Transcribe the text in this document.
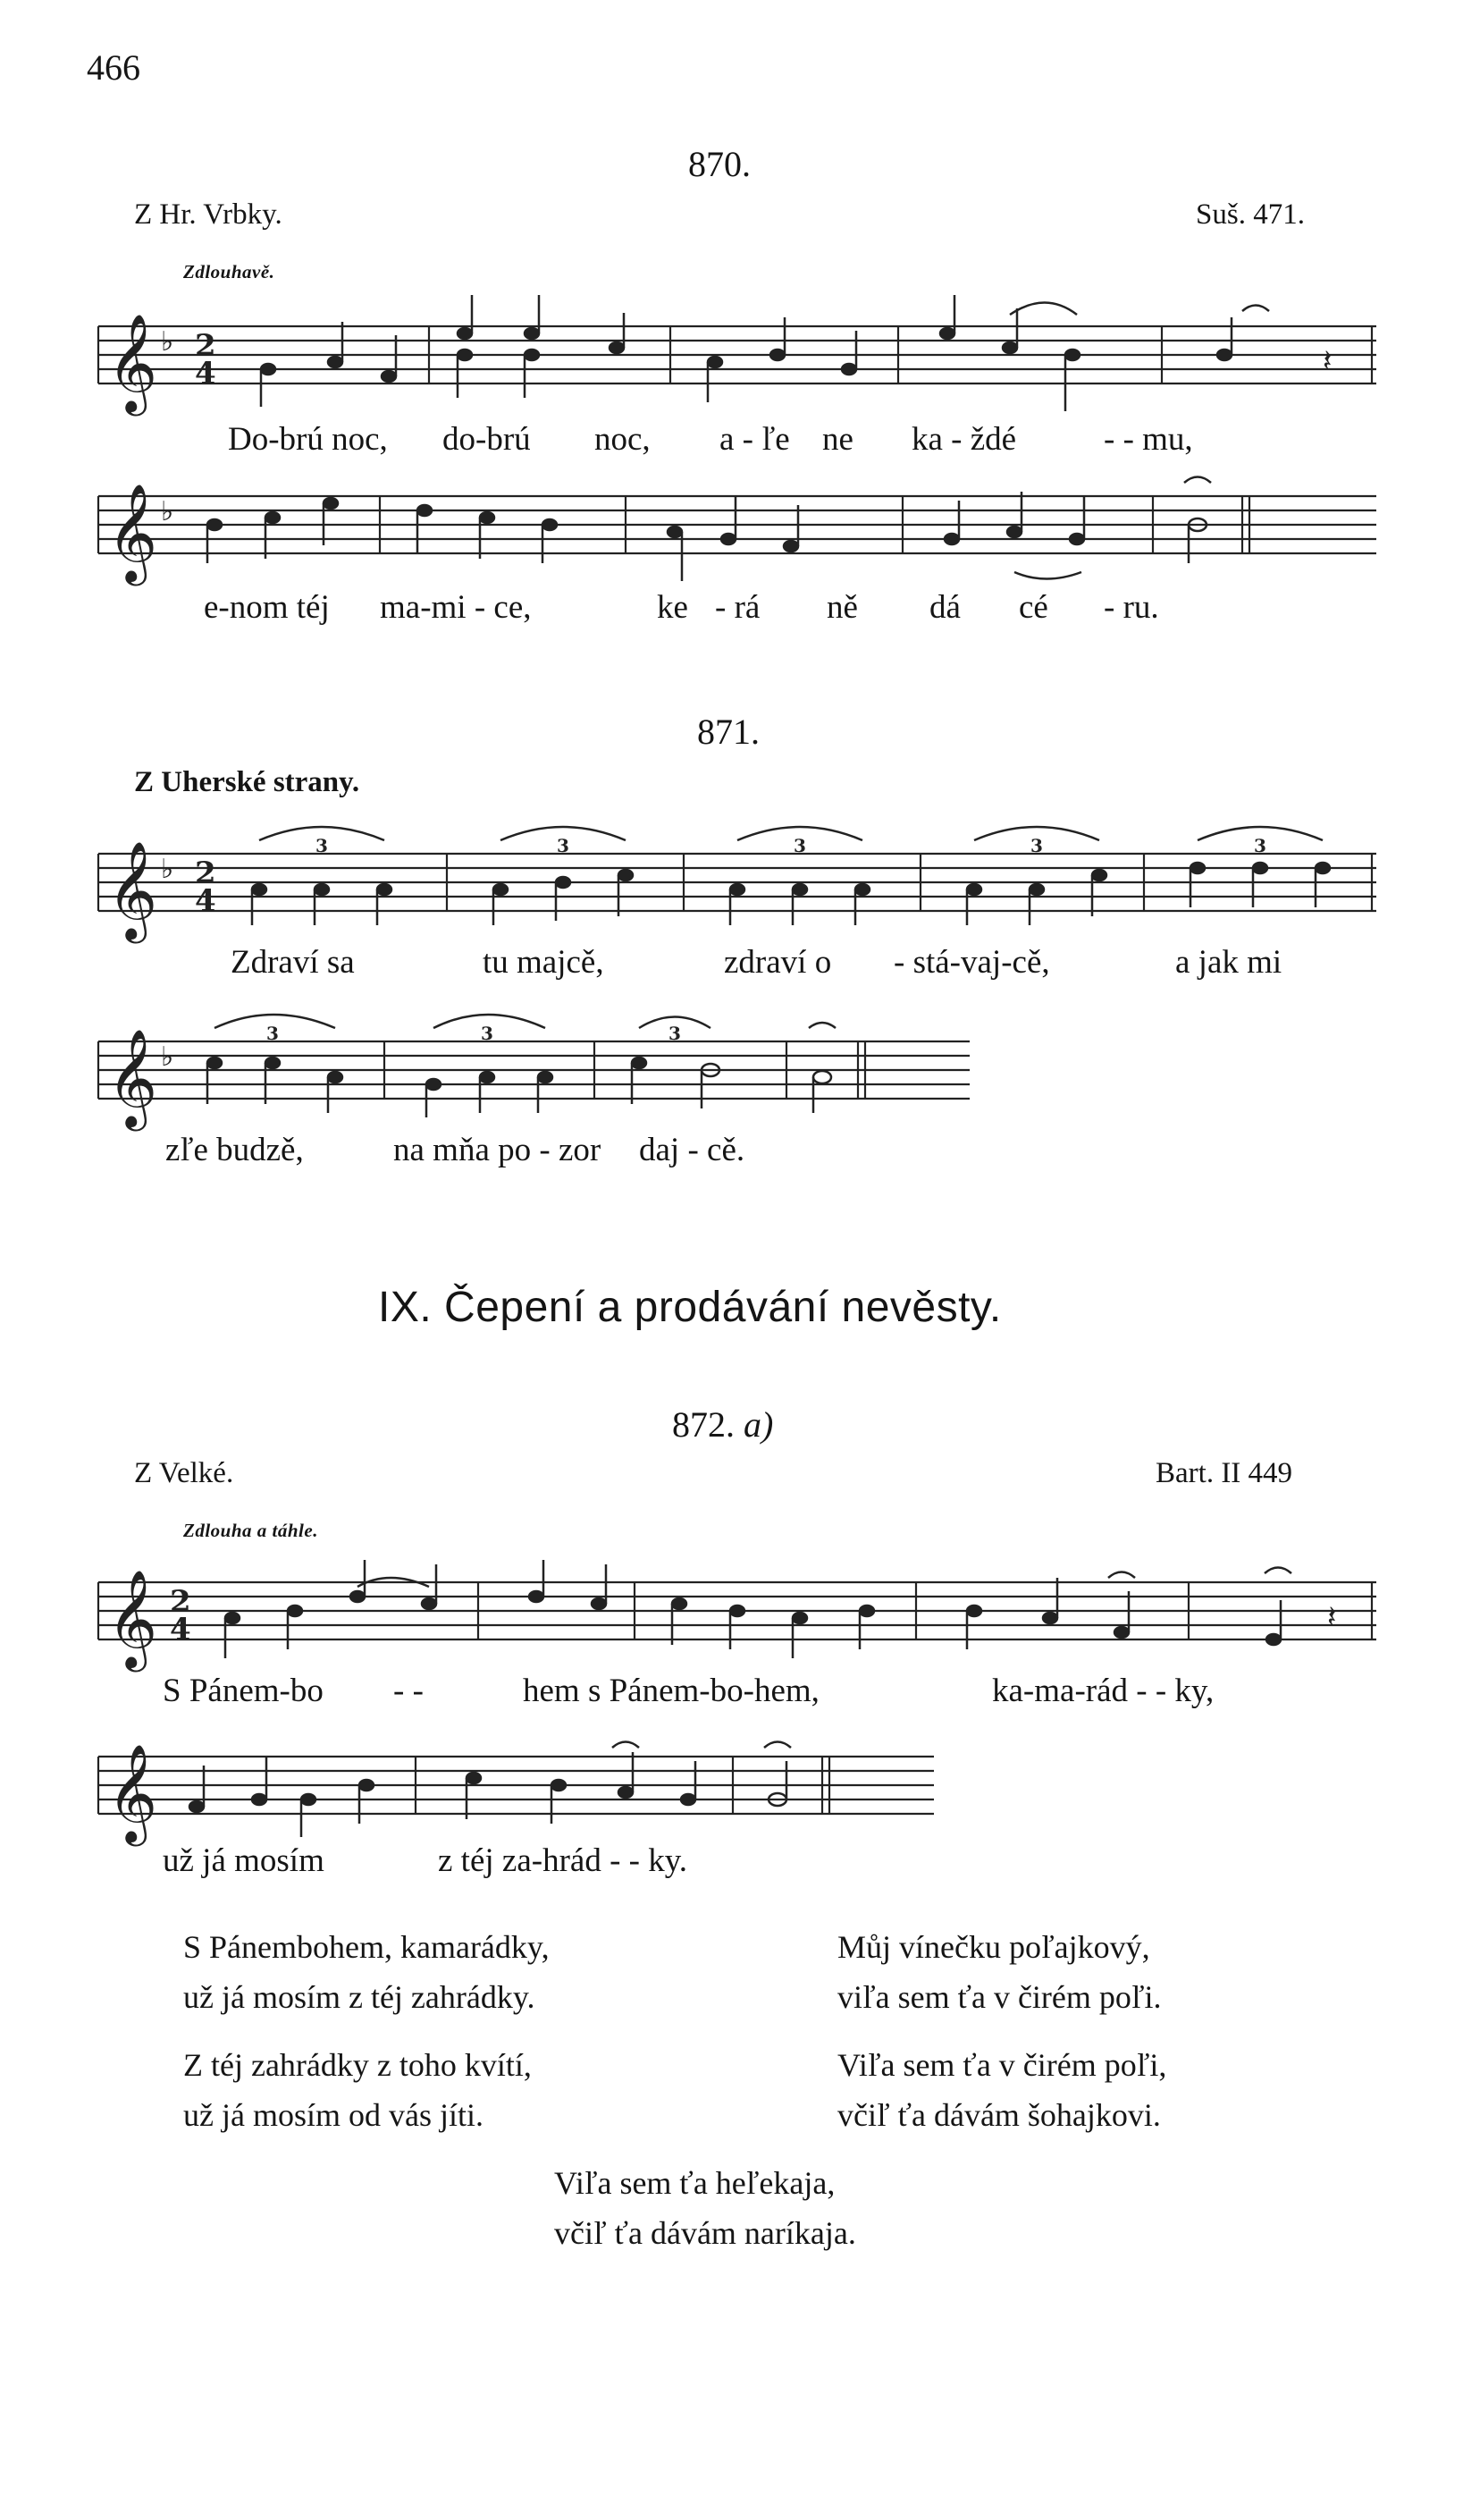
466
870.
Z Hr. Vrbky.	Suš. 471.
Zdlouhavě.
𝄞 ♭ 2
4	𝄽
Do-brú noc, do-brú noc, a - ľe ne ka - ždé	- - mu,
𝄞 ♭
e-nom téj ma-mi - ce,	ke - rá ně dá cé - ru.
871.
Z Uherské strany.
𝄞 ♭ 2
4
3	3	3	3	3
Zdraví sa	tu majcě,	zdraví o - stá-vaj-cě,	a jak mi
𝄞 ♭
3	3	3
zľe budzě,	na mňa po - zor daj - cě.
IX. Čepení a prodávání nevěsty.
872. a)
Z Velké.	Bart. II 449
Zdlouha a táhle.
𝄞 2
4	𝄽
S Pánem-bo - -	hem s Pánem-bo-hem,	ka-ma-rád - - ky,
𝄞
už já mosím	z téj za-hrád - - ky.
S Pánembohem, kamarádky,
už já mosím z téj zahrádky.
Z téj zahrádky z toho kvítí,
už já mosím od vás jíti.
Můj vínečku poľajkový,
viľa sem ťa v čirém poľi.
Viľa sem ťa v čirém poľi,
včiľ ťa dávám šohajkovi.
Viľa sem ťa heľekaja,
včiľ ťa dávám naríkaja.
